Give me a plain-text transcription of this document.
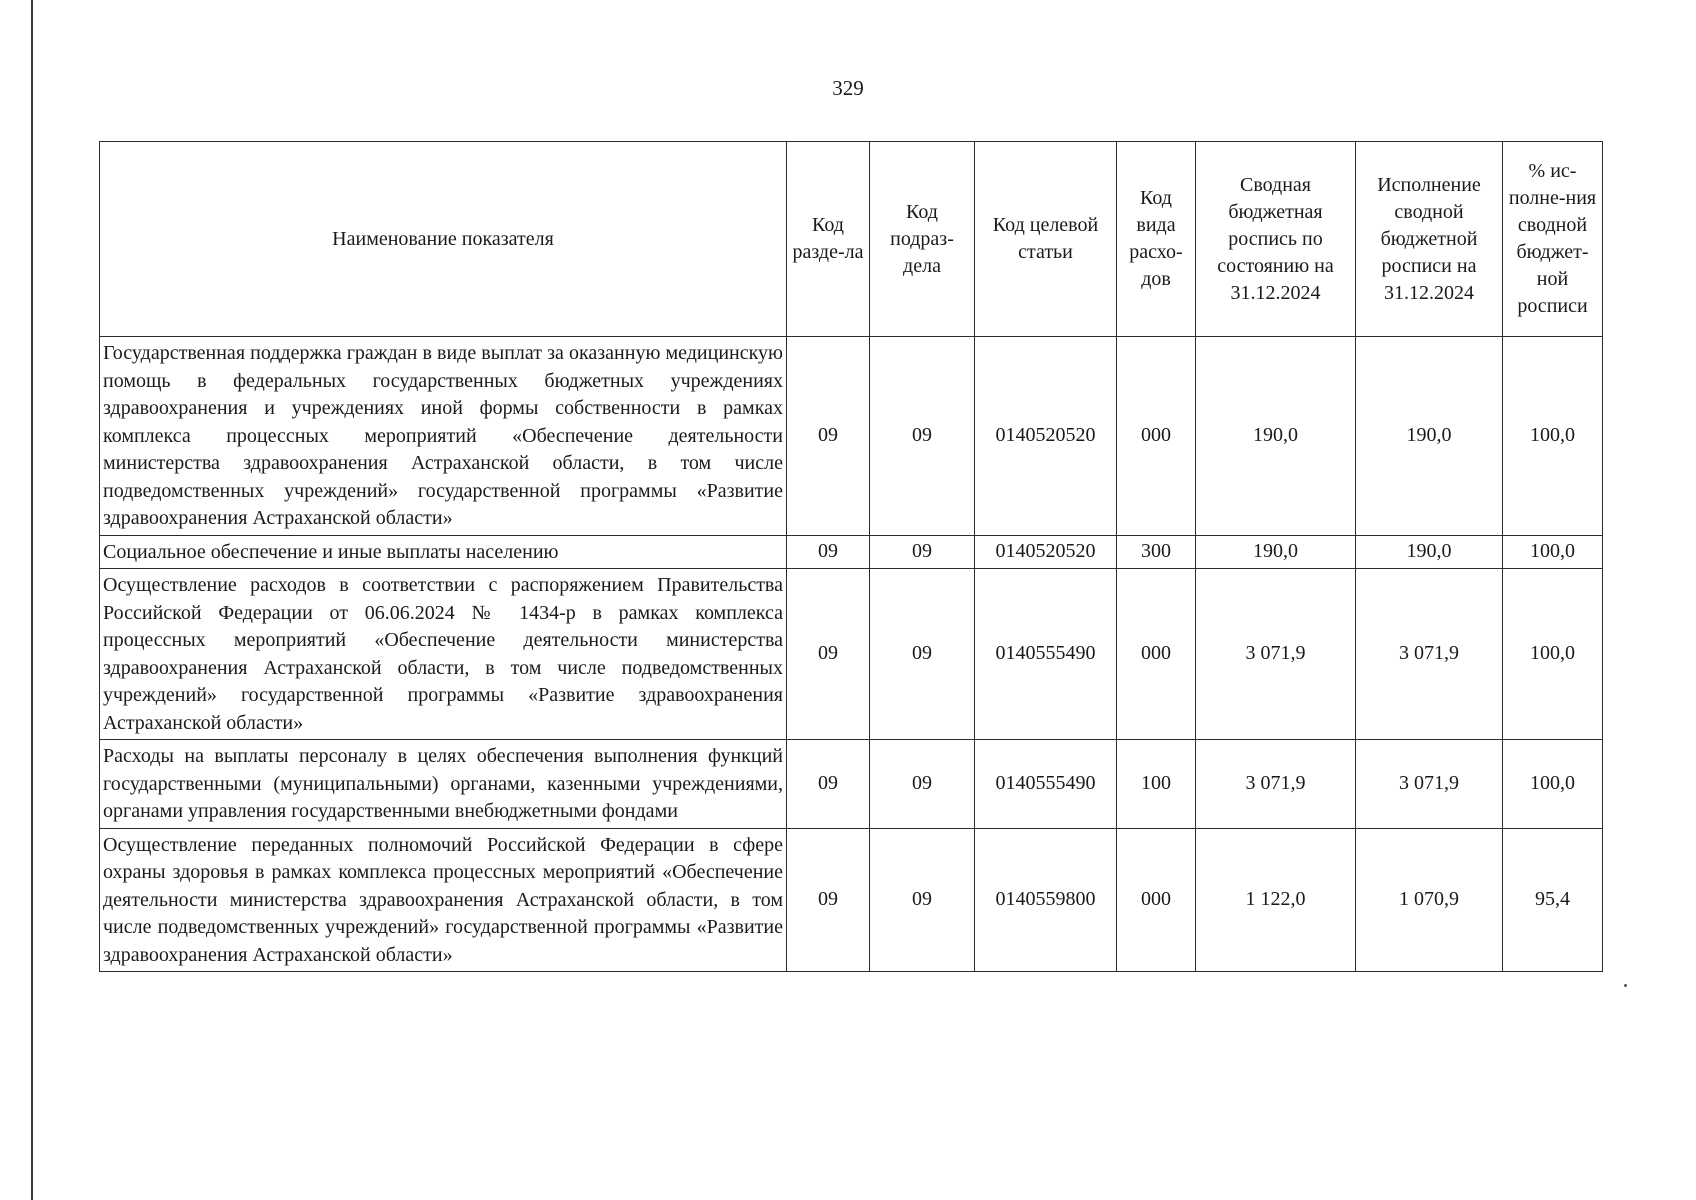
329
Наименование показателя	Код разде-ла	Код подраз-дела	Код целевой статьи	Код вида расхо-дов	Сводная бюджетная роспись по состоянию на 31.12.2024	Исполнение сводной бюджетной росписи на 31.12.2024	% ис-полне-ния сводной бюджет-ной росписи
Государственная поддержка граждан в виде выплат за оказанную медицинскую помощь в федеральных государственных бюджетных учреждениях здравоохранения и учреждениях иной формы собственности в рамках комплекса процессных мероприятий «Обеспечение деятельности министерства здравоохранения Астраханской области, в том числе подведомственных учреждений» государственной программы «Развитие здравоохранения Астраханской области»	09	09	0140520520	000	190,0	190,0	100,0
Социальное обеспечение и иные выплаты населению	09	09	0140520520	300	190,0	190,0	100,0
Осуществление расходов в соответствии с распоряжением Правительства Российской Федерации от 06.06.2024 № 1434-р в рамках комплекса процессных мероприятий «Обеспечение деятельности министерства здравоохранения Астраханской области, в том числе подведомственных учреждений» государственной программы «Развитие здравоохранения Астраханской области»	09	09	0140555490	000	3 071,9	3 071,9	100,0
Расходы на выплаты персоналу в целях обеспечения выполнения функций государственными (муниципальными) органами, казенными учреждениями, органами управления государственными внебюджетными фондами	09	09	0140555490	100	3 071,9	3 071,9	100,0
Осуществление переданных полномочий Российской Федерации в сфере охраны здоровья в рамках комплекса процессных мероприятий «Обеспечение деятельности министерства здравоохранения Астраханской области, в том числе подведомственных учреждений» государственной программы «Развитие здравоохранения Астраханской области»	09	09	0140559800	000	1 122,0	1 070,9	95,4
